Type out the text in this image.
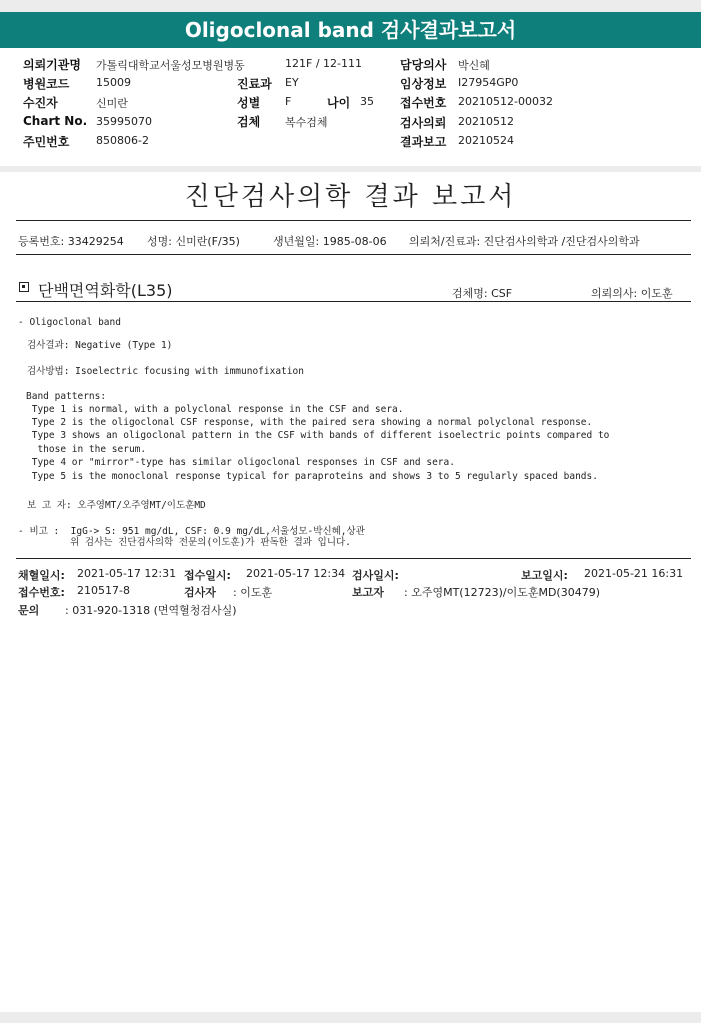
Oligoclonal band 검사결과보고서
의뢰기관명 가톨릭대학교서울성모병원병동	121F / 12-111	담당의사 박신혜
병원코드 15009	진료과 EY	임상정보 I27954GP0
수진자	신미란	성별 F	나이 35 접수번호 20210512-00032
Chart No. 35995070	검체 복수검체	검사의뢰 20210512
주민번호 850806-2	결과보고 20210524
진단검사의학 결과 보고서
등록번호: 33429254 성명: 신미란(F/35)	생년월일: 1985-08-06 의뢰처/진료과: 진단검사의학과 /진단검사의학과
단백면역화학(L35)	검체명: CSF	의뢰의사: 이도훈
- Oligoclonal band
검사결과: Negative (Type 1)
검사방법: Isoelectric focusing with immunofixation
Band patterns:
Type 1 is normal, with a polyclonal response in the CSF and sera.
Type 2 is the oligoclonal CSF response, with the paired sera showing a normal polyclonal response.
Type 3 shows an oligoclonal pattern in the CSF with bands of different isoelectric points compared to
those in the serum.
Type 4 or "mirror"-type has similar oligoclonal responses in CSF and sera.
Type 5 is the monoclonal response typical for paraproteins and shows 3 to 5 regularly spaced bands.
보 고 자: 오주영MT/오주영MT/이도훈MD
- 비고 :  IgG-> S: 951 mg/dL, CSF: 0.9 mg/dL,서울성모-박신혜,상관
위 검사는 진단검사의학 전문의(이도훈)가 판독한 결과 입니다.
채혈일시: 2021-05-17 12:31 접수일시: 2021-05-17 12:34 검사일시:	보고일시: 2021-05-21 16:31
접수번호: 210517-8	검사자 : 이도훈	보고자 : 오주영MT(12723)/이도훈MD(30479)
문의 : 031-920-1318 (면역혈청검사실)
